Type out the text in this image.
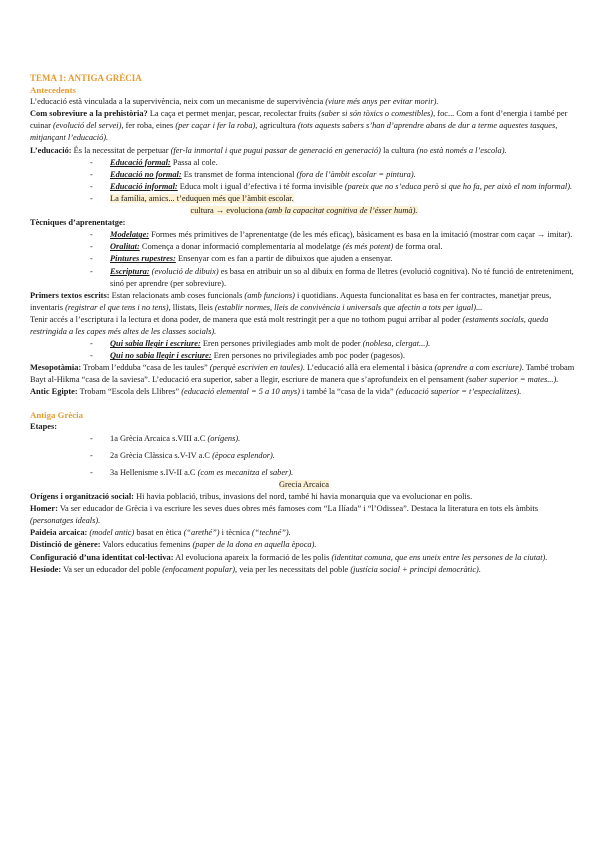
TEMA 1: ANTIGA GRÈCIA

Antecedents

L’educació està vinculada a la supervivència, neix com un mecanisme de supervivència (viure més anys per evitar morir).

Com sobreviure a la prehistòria? La caça et permet menjar, pescar, recolectar fruits (saber si són tòxics o comestibles), foc... Com a font d’energia i també per cuinar (evolució del servei), fer roba, eines (per caçar i fer la roba), agricultura (tots aquests sabers s’han d’aprendre abans de dur a terme aquestes tasques, mitjançant l’educació).

L’educació: És la necessitat de perpetuar (fer-la inmortal i que pugui passar de generació en generació) la cultura (no està només a l’escola).

- Educació formal: Passa al cole.
- Educació no formal: Es transmet de forma intencional (fora de l’àmbit escolar = pintura).
- Educació informal: Educa molt i igual d’efectiva i té forma invisible (pareix que no s’educa però si que ho fa, per això el nom informal).
- La família, amics... t’eduquen més que l’àmbit escolar.

cultura → evoluciona (amb la capacitat cognitiva de l’ésser humà).

Tècniques d’aprenentatge:

- Modelatge: Formes més primitives de l’aprenentatge (de les més eficaç), bàsicament es basa en la imitació (mostrar com caçar → imitar).
- Oralitat: Comença a donar informació complementaria al modelatge (és més potent) de forma oral.
- Pintures rupestres: Ensenyar com es fan a partir de dibuixos que ajuden a ensenyar.
- Escriptura: (evolució de dibuix) es basa en atribuir un so al dibuix en forma de lletres (evolució cognitiva). No té funció de entreteniment, sinó per aprendre (per sobreviure).

Primers textos escrits: Estan relacionats amb coses funcionals (amb funcions) i quotidians. Aquesta funcionalitat es basa en fer contractes, manetjar preus, inventaris (registrar el que tens i no tens), llistats, lleis (establir normes, lleis de convivència i universals que afectin a tots per igual)...

Tenir accés a l’escriptura i la lectura et dona poder, de manera que està molt restringit per a que no tothom pugui arribar al poder (estaments socials, queda restringida a les capes més altes de les classes socials).

- Qui sabia llegir i escriure: Eren persones privilegiades amb molt de poder (noblesa, clergat...).
- Qui no sabia llegir i escriure: Eren persones no privilegiades amb poc poder (pagesos).

Mesopotàmia: Trobam l’edduba “casa de les taules” (perquè escrivien en taules). L’educació allà era elemental i bàsica (aprendre a com escriure). També trobam Bayt al-Hikma “casa de la saviesa”. L’educació era superior, saber a llegir, escriure de manera que s’aprofundeix en el pensament (saber superior = mates...).

Antic Egipte: Trobam “Escola dels Llibres” (educació elemental = 5 a 10 anys) i també la “casa de la vida” (educació superior = t’especialitzes).

Antiga Grècia

Etapes:

- 1a Grècia Arcaica s.VIII a.C (orígens).
- 2a Grècia Clàssica s.V-IV a.C (època esplendor).
- 3a Hellenisme s.IV-II a.C (com es mecanitza el saber).

Grecia Arcaica

Orígens i organització social: Hi havia població, tribus, invasions del nord, també hi havia monarquia que va evolucionar en polis.

Homer: Va ser educador de Grècia i va escriure les seves dues obres més famoses com “La Ilíada” i “l’Odissea”. Destaca la literatura en tots els àmbits (personatges ideals).

Paideia arcaica: (model antic) basat en ètica (“arethé”) i tècnica (“techné”).

Distinció de gènere: Valors educatius femenins (paper de la dona en aquella època).

Configuració d’una identitat col·lectiva: Al evoluciona apareix la formació de les polis (identitat comuna, que ens uneix entre les persones de la ciutat).

Hesíode: Va ser un educador del poble (enfocament popular), veia per les necessitats del poble (justícia social + principi democràtic).
